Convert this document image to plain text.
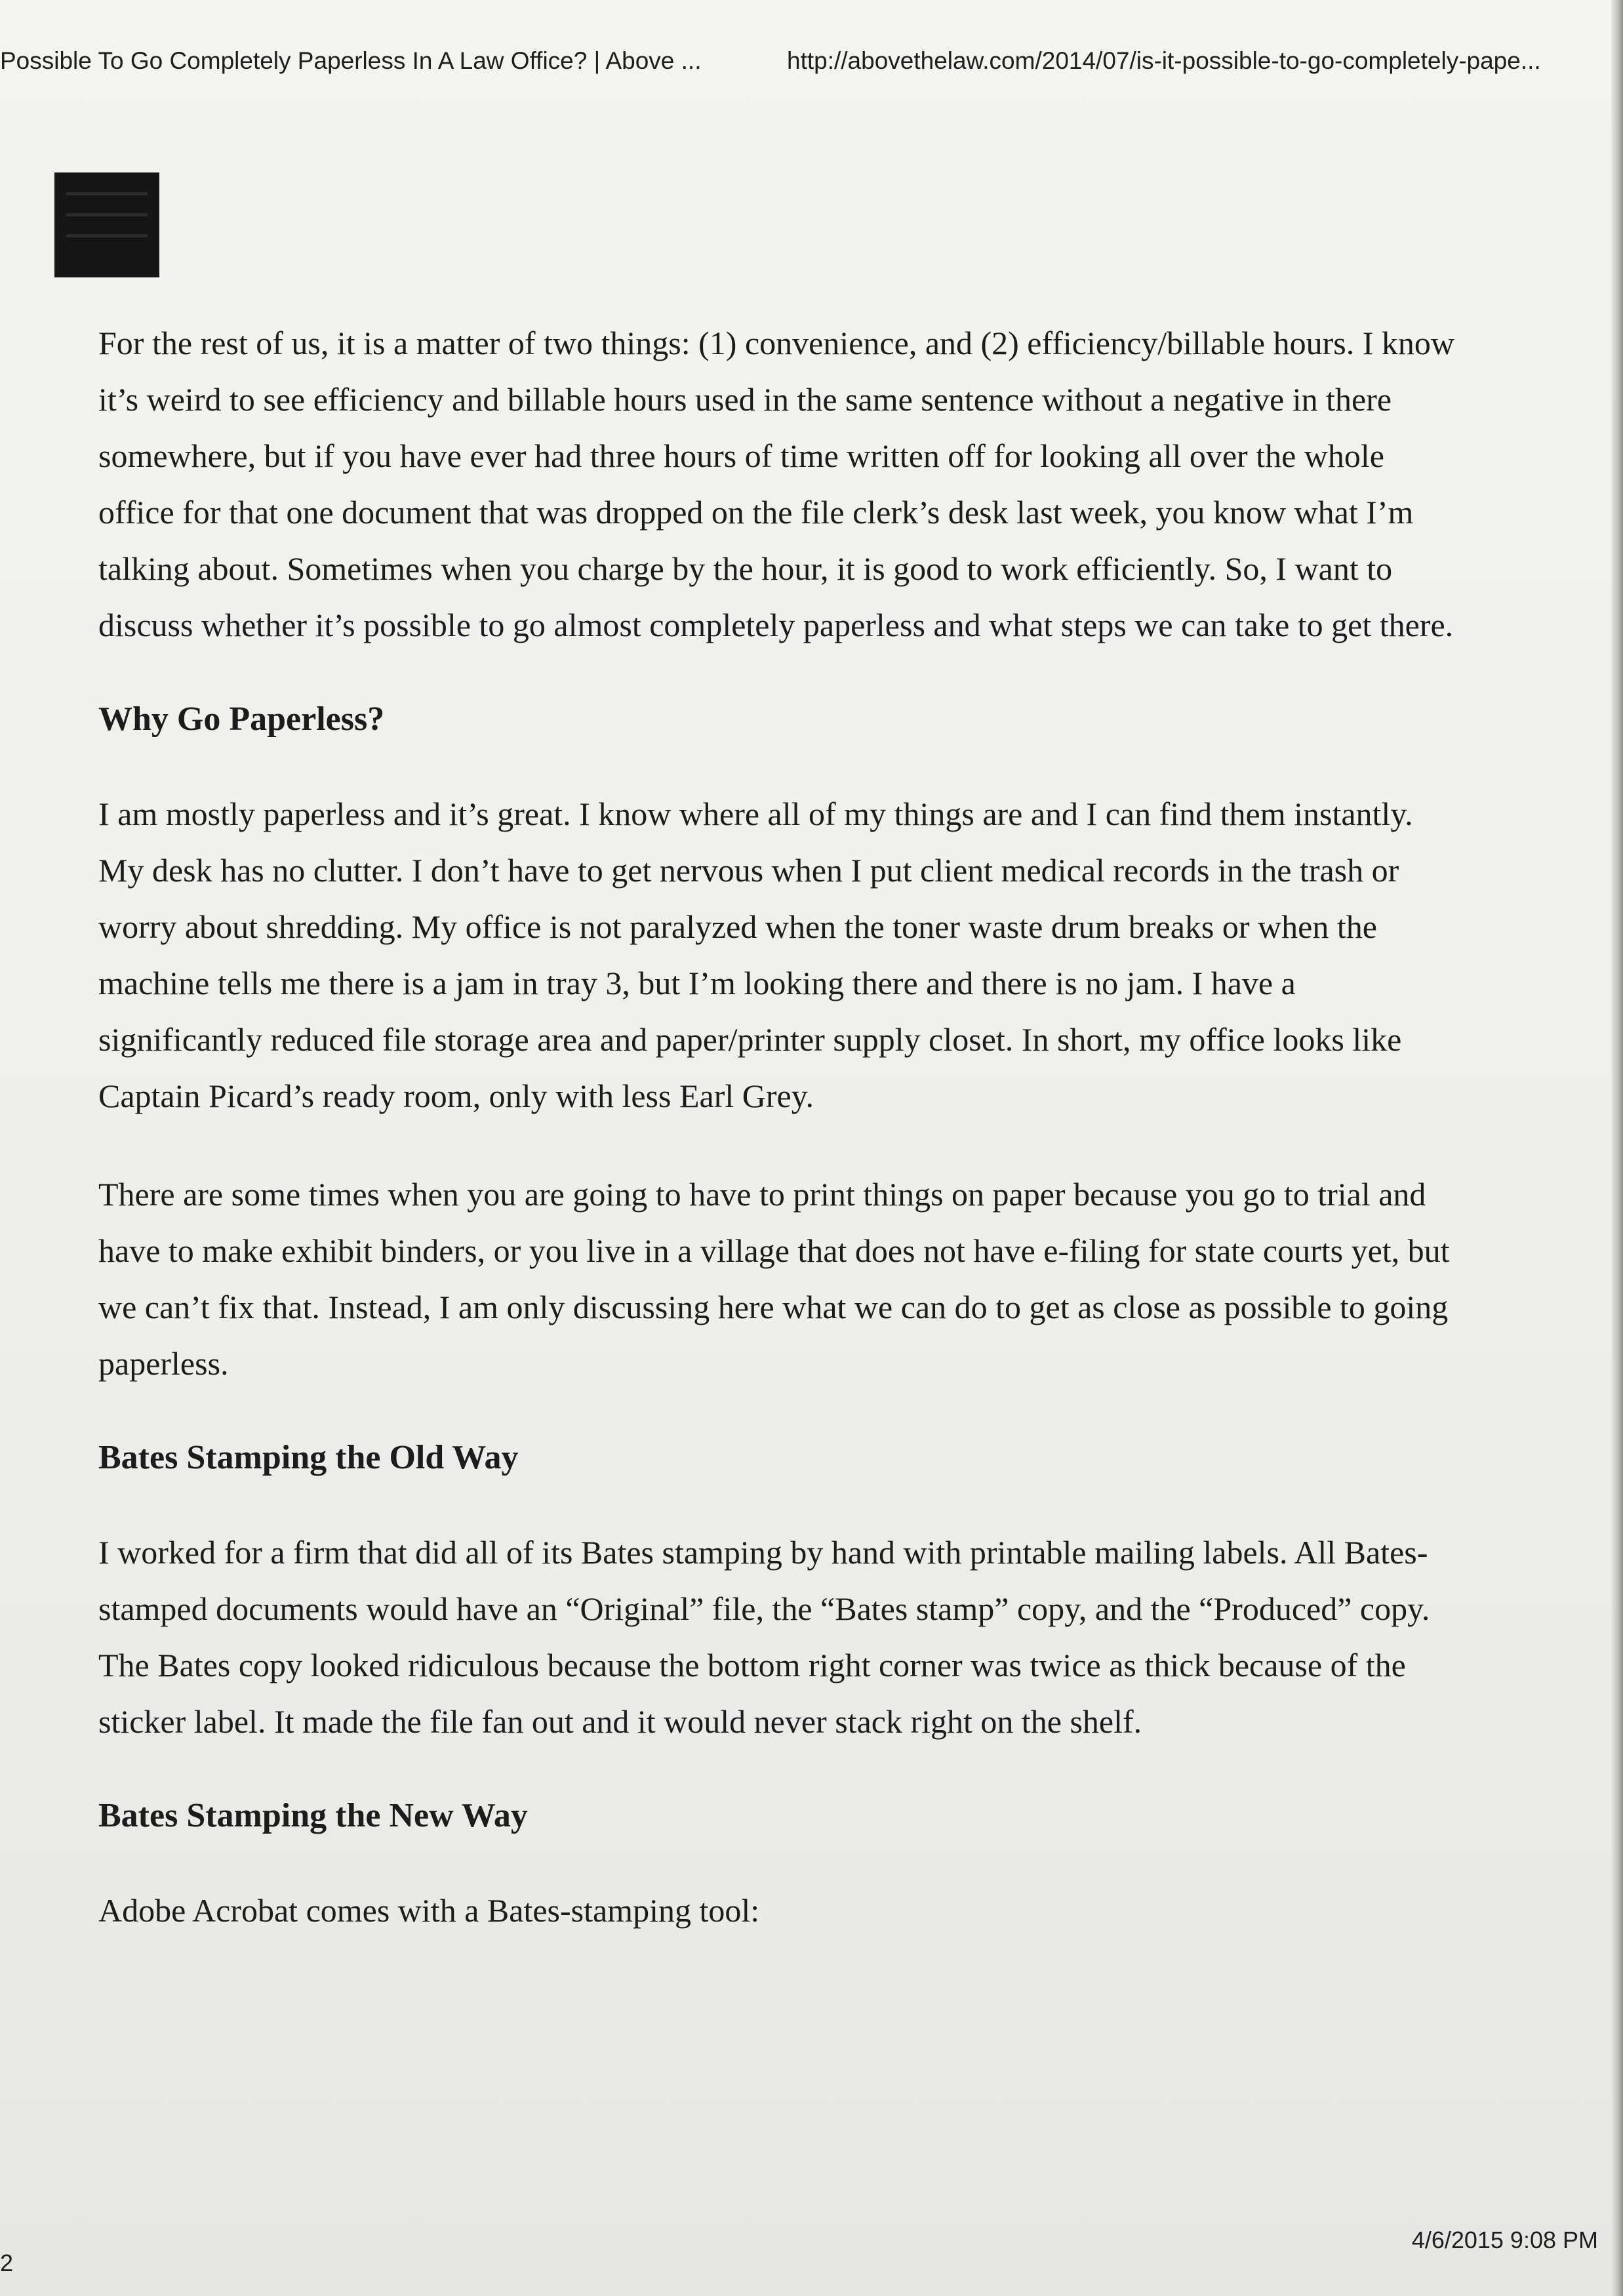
Possible To Go Completely Paperless In A Law Office? | Above ...	http://abovethelaw.com/2014/07/is-it-possible-to-go-completely-pape...

For the rest of us, it is a matter of two things: (1) convenience, and (2) efficiency/billable hours. I know it’s weird to see efficiency and billable hours used in the same sentence without a negative in there somewhere, but if you have ever had three hours of time written off for looking all over the whole office for that one document that was dropped on the file clerk’s desk last week, you know what I’m talking about. Sometimes when you charge by the hour, it is good to work efficiently. So, I want to discuss whether it’s possible to go almost completely paperless and what steps we can take to get there.

Why Go Paperless?

I am mostly paperless and it’s great. I know where all of my things are and I can find them instantly. My desk has no clutter. I don’t have to get nervous when I put client medical records in the trash or worry about shredding. My office is not paralyzed when the toner waste drum breaks or when the machine tells me there is a jam in tray 3, but I’m looking there and there is no jam. I have a significantly reduced file storage area and paper/printer supply closet. In short, my office looks like Captain Picard’s ready room, only with less Earl Grey.

There are some times when you are going to have to print things on paper because you go to trial and have to make exhibit binders, or you live in a village that does not have e-filing for state courts yet, but we can’t fix that. Instead, I am only discussing here what we can do to get as close as possible to going paperless.

Bates Stamping the Old Way

I worked for a firm that did all of its Bates stamping by hand with printable mailing labels. All Bates-stamped documents would have an “Original” file, the “Bates stamp” copy, and the “Produced” copy. The Bates copy looked ridiculous because the bottom right corner was twice as thick because of the sticker label. It made the file fan out and it would never stack right on the shelf.

Bates Stamping the New Way

Adobe Acrobat comes with a Bates-stamping tool:

2
4/6/2015 9:08 PM
